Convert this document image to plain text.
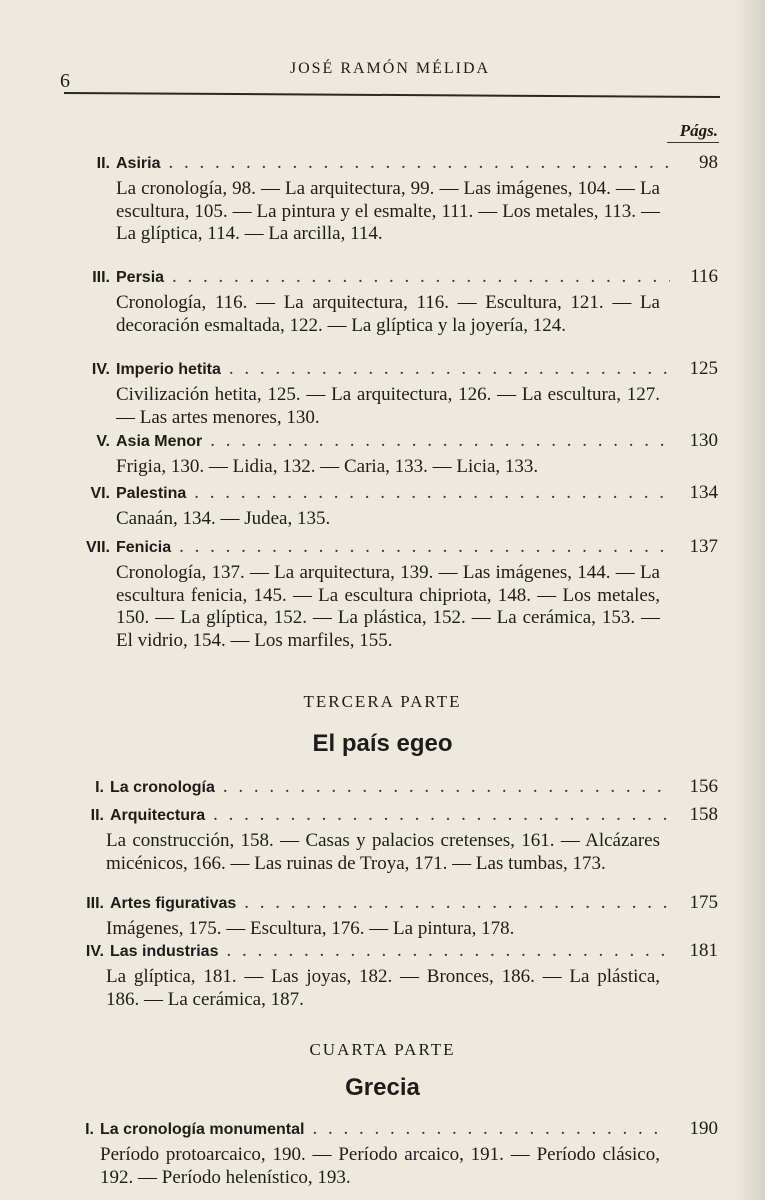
6
JOSÉ RAMÓN MÉLIDA
Págs.
II. Asiria . . .	98
La cronología, 98. — La arquitectura, 99. — Las imágenes, 104. — La escultura, 105. — La pintura y el esmalte, 111. — Los metales, 113. — La glíptica, 114. — La arcilla, 114.
III. Persia . . .	116
Cronología, 116. — La arquitectura, 116. — Escultura, 121. — La decoración esmaltada, 122. — La glíptica y la joyería, 124.
IV. Imperio hetita . . .	125
Civilización hetita, 125. — La arquitectura, 126. — La escultura, 127. — Las artes menores, 130.
V. Asia Menor . . .	130
Frigia, 130. — Lidia, 132. — Caria, 133. — Licia, 133.
VI. Palestina . . .	134
Canaán, 134. — Judea, 135.
VII. Fenicia . . .	137
Cronología, 137. — La arquitectura, 139. — Las imágenes, 144. — La escultura fenicia, 145. — La escultura chipriota, 148. — Los metales, 150. — La glíptica, 152. — La plástica, 152. — La cerámica, 153. — El vidrio, 154. — Los marfiles, 155.
TERCERA PARTE
El país egeo
I. La cronología . . .	156
II. Arquitectura . . .	158
La construcción, 158. — Casas y palacios cretenses, 161. — Alcázares micénicos, 166. — Las ruinas de Troya, 171. — Las tumbas, 173.
III. Artes figurativas . . .	175
Imágenes, 175. — Escultura, 176. — La pintura, 178.
IV. Las industrias . . .	181
La glíptica, 181. — Las joyas, 182. — Bronces, 186. — La plástica, 186. — La cerámica, 187.
CUARTA PARTE
Grecia
I. La cronología monumental . . .	190
Período protoarcaico, 190. — Período arcaico, 191. — Período clásico, 192. — Período helenístico, 193.
